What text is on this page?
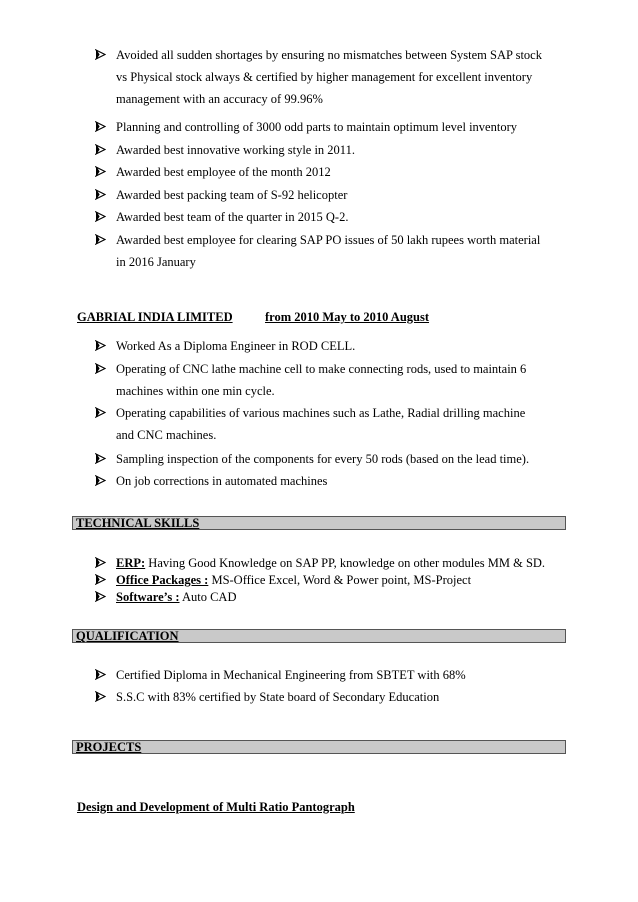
Avoided all sudden shortages by ensuring no mismatches between System SAP stock
vs Physical stock always & certified by higher management for excellent inventory
management with an accuracy of 99.96%
Planning and controlling of 3000 odd parts to maintain optimum level inventory
Awarded best innovative working style in 2011.
Awarded best employee of the month 2012
Awarded best packing team of S-92 helicopter
Awarded best team of the quarter in 2015 Q-2.
Awarded best employee for clearing SAP PO issues of 50 lakh rupees worth material
in 2016 January
GABRIAL INDIA LIMITED	from 2010 May to 2010 August
Worked As a Diploma Engineer in ROD CELL.
Operating of CNC lathe machine cell to make connecting rods, used to maintain 6
machines within one min cycle.
Operating capabilities of various machines such as Lathe, Radial drilling machine
and CNC machines.
Sampling inspection of the components for every 50 rods (based on the lead time).
On job corrections in automated machines
TECHNICAL SKILLS
ERP: Having Good Knowledge on SAP PP, knowledge on other modules MM & SD.
Office Packages : MS-Office Excel, Word & Power point, MS-Project
Software’s : Auto CAD
QUALIFICATION
Certified Diploma in Mechanical Engineering from SBTET with 68%
S.S.C with 83% certified by State board of Secondary Education
PROJECTS
Design and Development of Multi Ratio Pantograph
